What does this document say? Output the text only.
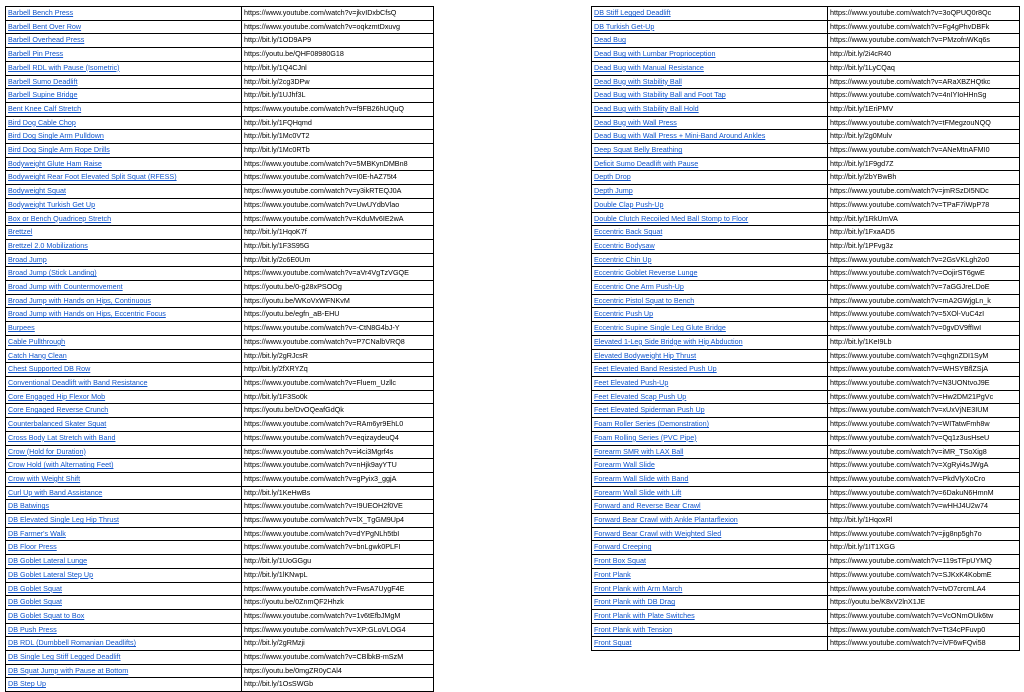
Barbell Bench Press	https://www.youtube.com/watch?v=jkvIDxbCfsQ
Barbell Bent Over Row	https://www.youtube.com/watch?v=oqkzmtDxuvg
Barbell Overhead Press	http://bit.ly/1OD9AP9
Barbell Pin Press	https://youtu.be/QHF08980G18
Barbell RDL with Pause (Isometric)	http://bit.ly/1Q4CJnl
Barbell Sumo Deadlift	http://bit.ly/2cg3DPw
Barbell Supine Bridge	http://bit.ly/1UJhf3L
Bent Knee Calf Stretch	https://www.youtube.com/watch?v=f9FB26hUQuQ
Bird Dog Cable Chop	http://bit.ly/1FQHqmd
Bird Dog Single Arm Pulldown	http://bit.ly/1Mc0VT2
Bird Dog Single Arm Rope Drills	http://bit.ly/1Mc0RTb
Bodyweight Glute Ham Raise	https://www.youtube.com/watch?v=5MBKynDMBn8
Bodyweight Rear Foot Elevated Split Squat (RFESS)	https://www.youtube.com/watch?v=I0E-hAZ75t4
Bodyweight Squat	https://www.youtube.com/watch?v=y3ikRTEQJ0A
Bodyweight Turkish Get Up	https://www.youtube.com/watch?v=UwUYdbVlao
Box or Bench Quadricep Stretch	https://www.youtube.com/watch?v=KduMv6IE2wA
Brettzel	http://bit.ly/1HqoK7f
Brettzel 2.0 Mobilizations	http://bit.ly/1F3S95G
Broad Jump	http://bit.ly/2c6E0Um
Broad Jump (Stick Landing)	https://www.youtube.com/watch?v=aVr4VgTzVGQE
Broad Jump with Countermovement	https://youtu.be/0-g28xPSOOg
Broad Jump with Hands on Hips, Continuous	https://youtu.be/WKoVxWFNKvM
Broad Jump with Hands on Hips, Eccentric Focus	https://youtu.be/egfn_aB-EHU
Burpees	https://www.youtube.com/watch?v=-CtN8G4bJ-Y
Cable Pullthrough	https://www.youtube.com/watch?v=P7CNalbVRQ8
Catch Hang Clean	http://bit.ly/2gRJcsR
Chest Supported DB Row	http://bit.ly/2fXRYZq
Conventional Deadlift with Band Resistance	https://www.youtube.com/watch?v=Fluem_Uzllc
Core Engaged Hip Flexor Mob	http://bit.ly/1F3So0k
Core Engaged Reverse Crunch	https://youtu.be/DvOQeafGdQk
Counterbalanced Skater Squat	https://www.youtube.com/watch?v=RAm6yr9EhL0
Cross Body Lat Stretch with Band	https://www.youtube.com/watch?v=eqizaydeuQ4
Crow (Hold for Duration)	https://www.youtube.com/watch?v=i4ci3Mgrf4s
Crow Hold (with Alternating Feet)	https://www.youtube.com/watch?v=nHjk9ayYTU
Crow with Weight Shift	https://www.youtube.com/watch?v=gPyix3_ggjA
Curl Up with Band Assistance	http://bit.ly/1KeHwBs
DB Batwings	https://www.youtube.com/watch?v=I9UEOH2f0VE
DB Elevated Single Leg Hip Thrust	https://www.youtube.com/watch?v=lX_TgGM9Up4
DB Farmer's Walk	https://www.youtube.com/watch?v=dYPgNLh5tbI
DB Floor Press	https://www.youtube.com/watch?v=bnLgwk0PLFI
DB Goblet Lateral Lunge	http://bit.ly/1UoGGgu
DB Goblet Lateral Step Up	http://bit.ly/1lKNwpL
DB Goblet Squat	https://www.youtube.com/watch?v=FwsA7UygF4E
DB Goblet Squat	https://youtu.be/0ZnmQF2Hhzk
DB Goblet Squat to Box	https://www.youtube.com/watch?v=1v6tEfbJMgM
DB Push Press	https://www.youtube.com/watch?v=XP:GLoVLOG4
DB RDL (Dumbbell Romanian Deadlifts)	http://bit.ly/2gRMzji
DB Single Leg Stiff Legged Deadlift	https://www.youtube.com/watch?v=CBlbkB-mSzM
DB Squat Jump with Pause at Bottom	https://youtu.be/0mgZR0yCAl4
DB Step Up	http://bit.ly/1OsSWGb
DB Stiff Legged Deadlift	https://www.youtube.com/watch?v=3oQPUQ0r8Qc
DB Turkish Get-Up	https://www.youtube.com/watch?v=Fg4gPhvDBFk
Dead Bug	https://www.youtube.com/watch?v=PMzofnWKq6s
Dead Bug with Lumbar Proprioception	http://bit.ly/2i4cR40
Dead Bug with Manual Resistance	http://bit.ly/1LyCQaq
Dead Bug with Stability Ball	https://www.youtube.com/watch?v=ARaXBZHQtkc
Dead Bug with Stability Ball and Foot Tap	https://www.youtube.com/watch?v=4nIYIoHHnSg
Dead Bug with Stability Ball Hold	http://bit.ly/1EriPMV
Dead Bug with Wall Press	https://www.youtube.com/watch?v=tFMegzouNQQ
Dead Bug with Wall Press + Mini-Band Around Ankles	http://bit.ly/2g0Mulv
Deep Squat Belly Breathing	https://www.youtube.com/watch?v=ANeMtnAFMI0
Deficit Sumo Deadlift with Pause	http://bit.ly/1F9gd7Z
Depth Drop	http://bit.ly/2bYBwBh
Depth Jump	https://www.youtube.com/watch?v=jmRSzDI5NDc
Double Clap Push-Up	https://www.youtube.com/watch?v=TPaF7iWpP78
Double Clutch Recoiled Med Ball Stomp to Floor	http://bit.ly/1RkUmVA
Eccentric Back Squat	http://bit.ly/1FxaAD5
Eccentric Bodysaw	http://bit.ly/1PFvg3z
Eccentric Chin Up	https://www.youtube.com/watch?v=2GsVKLgh2o0
Eccentric Goblet Reverse Lunge	https://www.youtube.com/watch?v=OojirST6gwE
Eccentric One Arm Push-Up	https://www.youtube.com/watch?v=7aGGJreLDoE
Eccentric Pistol Squat to Bench	https://www.youtube.com/watch?v=mA2GWjgLn_k
Eccentric Push Up	https://www.youtube.com/watch?v=5XOl-VuC4zI
Eccentric Supine Single Leg Glute Bridge	https://www.youtube.com/watch?v=0gvDV9ffIwI
Elevated 1-Leg Side Bridge with Hip Abduction	http://bit.ly/1KeI9Lb
Elevated Bodyweight Hip Thrust	https://www.youtube.com/watch?v=qhgnZDI1SyM
Feet Elevated Band Resisted Push Up	https://www.youtube.com/watch?v=WHSYBflZSjA
Feet Elevated Push-Up	https://www.youtube.com/watch?v=N3UONtvoJ9E
Feet Elevated Scap Push Up	https://www.youtube.com/watch?v=Hw2DM21PgVc
Feet Elevated Spiderman Push Up	https://www.youtube.com/watch?v=xUxVjNE3IUM
Foam Roller Series (Demonstration)	https://www.youtube.com/watch?v=WITatwFmh8w
Foam Rolling Series (PVC Pipe)	https://www.youtube.com/watch?v=Qq1z3usHseU
Forearm SMR with LAX Ball	https://www.youtube.com/watch?v=iMR_TSoXig8
Forearm Wall Slide	https://www.youtube.com/watch?v=XgRyi4sJWgA
Forearm Wall Slide with Band	https://www.youtube.com/watch?v=PkdVlyXoCro
Forearm Wall Slide with Lift	https://www.youtube.com/watch?v=6DakuN6HmnM
Forward and Reverse Bear Crawl	https://www.youtube.com/watch?v=wHHJ4U2w74
Forward Bear Crawl with Ankle Plantarflexion	http://bit.ly/1HqoxRl
Forward Bear Crawl with Weighted Sled	https://www.youtube.com/watch?v=jig8np5gh7o
Forward Creeping	http://bit.ly/1IT1XGG
Front Box Squat	https://www.youtube.com/watch?v=119sTFpUYMQ
Front Plank	https://www.youtube.com/watch?v=SJKxK4KobmE
Front Plank with Arm March	https://www.youtube.com/watch?v=tvD7crcmLA4
Front Plank with DB Drag	https://youtu.be/K8xV2lnX1JE
Front Plank with Plate Switches	https://www.youtube.com/watch?v=VcONmOUk6tw
Front Plank with Tension	https://www.youtube.com/watch?v=Tt34cPFuvp0
Front Squat	https://www.youtube.com/watch?v=iVF6wFQvi58
